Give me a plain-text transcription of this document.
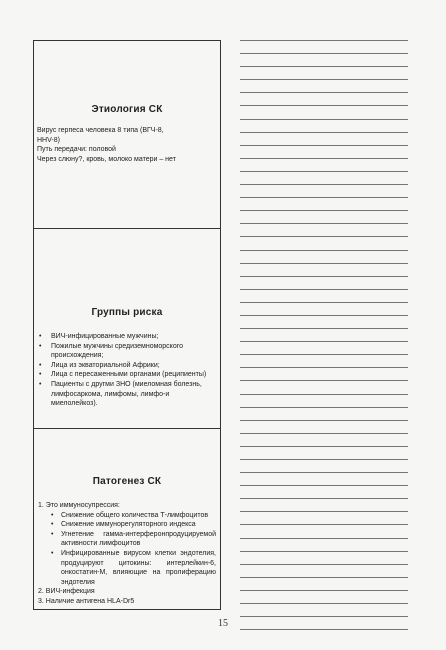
Этиология СК
Вирус герпеса человека 8 типа (ВГЧ-8,
HHV-8)
Путь передачи: половой
Через слюну?, кровь, молоко матери – нет
Группы риска
• ВИЧ-инфицированные мужчины;
• Пожилые мужчины средиземноморского происхождения;
• Лица из экваториальной Африки;
• Лица с пересаженными органами (реципиенты)
• Пациенты с другми ЗНО (миеломная болезнь, лимфосаркома, лимфомы, лимфо-и миелолейкоз).
Патогенез СК
1. Это иммуносупрессия:
• Снижение общего количества Т-лимфоцитов
• Снижение иммунорегуляторного индекса
• Угнетение гамма-интерферонпродуцируемой активности лимфоцитов
• Инфицированные вирусом клетки эндотелия, продуцируют цитокины: интерлейкин-6, онкостатин-М, влияющие на пролиферацию эндотелия
2. ВИЧ-инфекция
3. Наличие антигена HLA-Dr5
15
